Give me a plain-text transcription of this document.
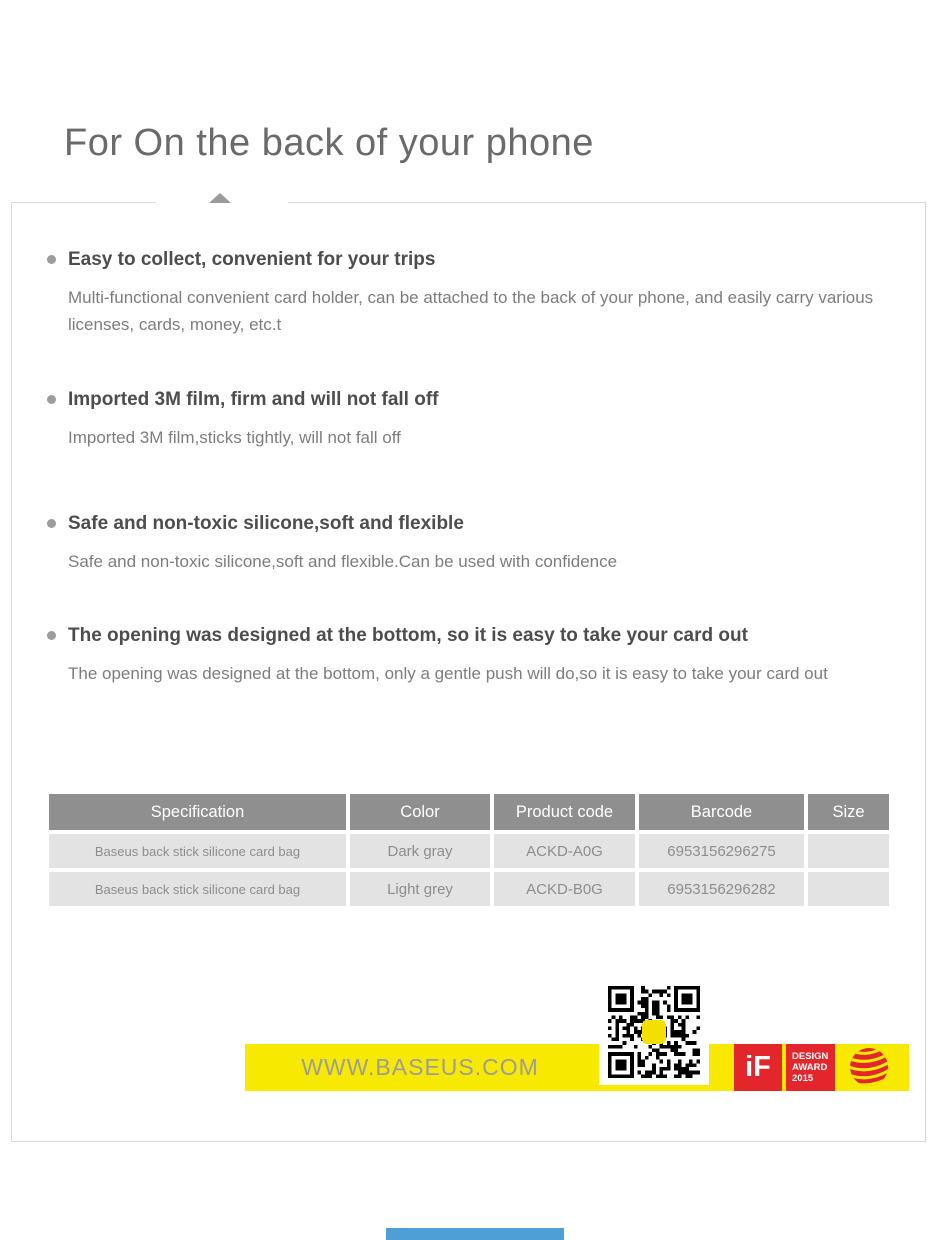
For On the back of your phone
Easy to collect, convenient for your trips

Multi-functional convenient card holder, can be attached to the back of your phone, and easily carry various licenses, cards, money, etc.t

Imported 3M film, firm and will not fall off

Imported 3M film,sticks tightly, will not fall off

Safe and non-toxic silicone,soft and flexible

Safe and non-toxic silicone,soft and flexible.Can be used with confidence

The opening was designed at the bottom, so it is easy to take your card out

The opening was designed at the bottom, only a gentle push will do,so it is easy to take your card out

Specification	Color	Product code	Barcode	Size
Baseus back stick silicone card bag	Dark gray	ACKD-A0G	6953156296275
Baseus back stick silicone card bag	Light grey	ACKD-B0G	6953156296282
WWW.BASEUS.COM	iF	DESIGN
AWARD
2015
